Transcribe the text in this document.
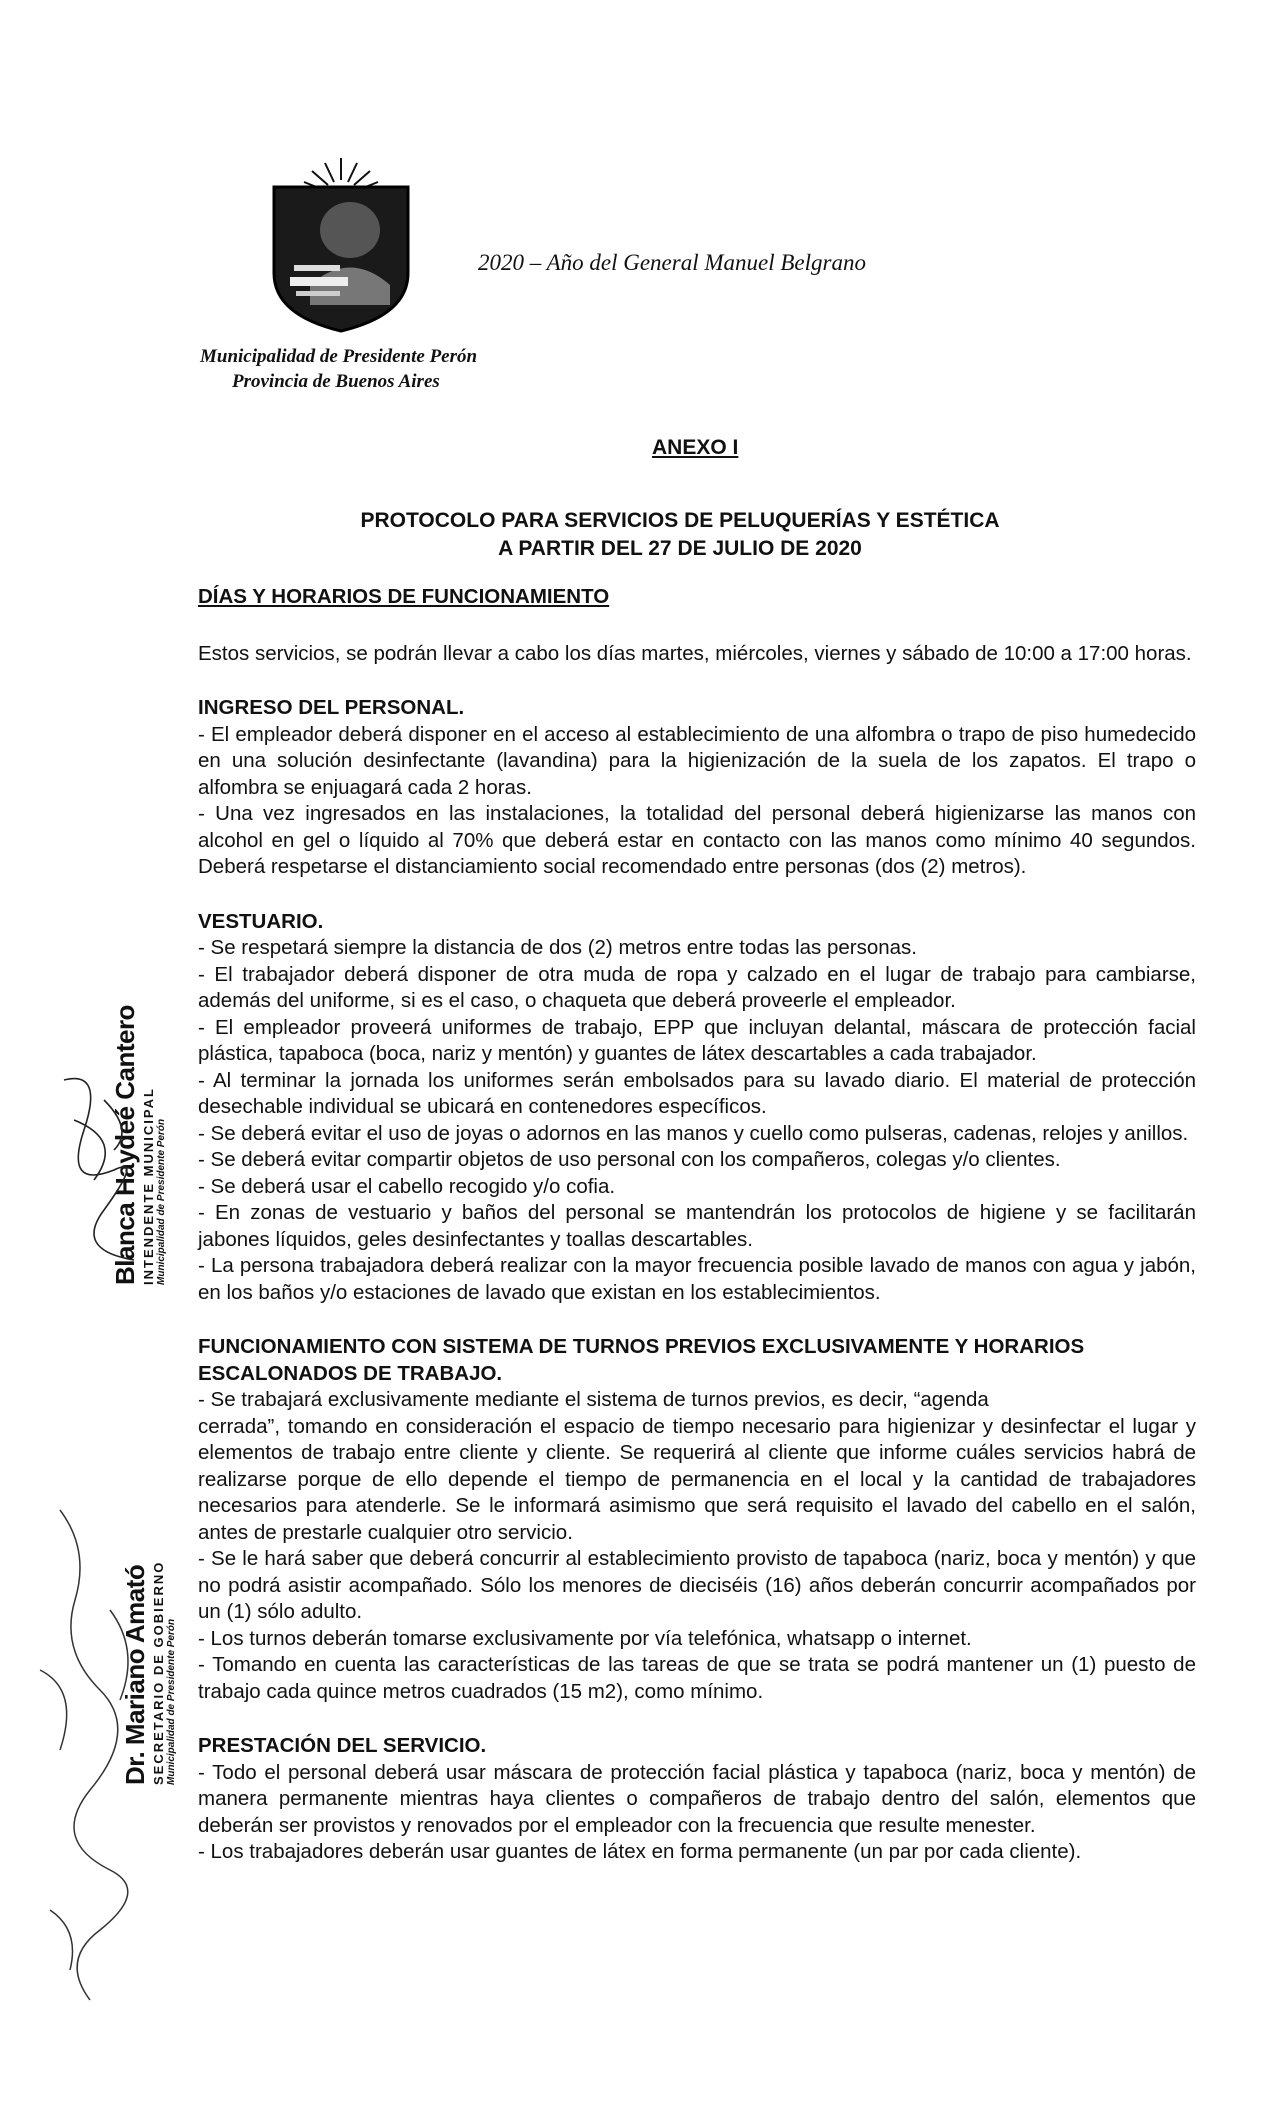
2020 – Año del General Manuel Belgrano
Municipalidad de Presidente Perón
Provincia de Buenos Aires
ANEXO I
PROTOCOLO PARA SERVICIOS DE PELUQUERÍAS Y ESTÉTICA
A PARTIR DEL 27 DE JULIO DE 2020
DÍAS Y HORARIOS DE FUNCIONAMIENTO

Estos servicios, se podrán llevar a cabo los días martes, miércoles, viernes y sábado de 10:00 a 17:00 horas.

INGRESO DEL PERSONAL.

- El empleador deberá disponer en el acceso al establecimiento de una alfombra o trapo de piso humedecido en una solución desinfectante (lavandina) para la higienización de la suela de los zapatos. El trapo o alfombra se enjuagará cada 2 horas.

- Una vez ingresados en las instalaciones, la totalidad del personal deberá higienizarse las manos con alcohol en gel o líquido al 70% que deberá estar en contacto con las manos como mínimo 40 segundos. Deberá respetarse el distanciamiento social recomendado entre personas (dos (2) metros).

VESTUARIO.

- Se respetará siempre la distancia de dos (2) metros entre todas las personas.

- El trabajador deberá disponer de otra muda de ropa y calzado en el lugar de trabajo para cambiarse, además del uniforme, si es el caso, o chaqueta que deberá proveerle el empleador.

- El empleador proveerá uniformes de trabajo, EPP que incluyan delantal, máscara de protección facial plástica, tapaboca (boca, nariz y mentón) y guantes de látex descartables a cada trabajador.

- Al terminar la jornada los uniformes serán embolsados para su lavado diario. El material de protección desechable individual se ubicará en contenedores específicos.

- Se deberá evitar el uso de joyas o adornos en las manos y cuello como pulseras, cadenas, relojes y anillos.

- Se deberá evitar compartir objetos de uso personal con los compañeros, colegas y/o clientes.

- Se deberá usar el cabello recogido y/o cofia.

- En zonas de vestuario y baños del personal se mantendrán los protocolos de higiene y se facilitarán jabones líquidos, geles desinfectantes y toallas descartables.

- La persona trabajadora deberá realizar con la mayor frecuencia posible lavado de manos con agua y jabón, en los baños y/o estaciones de lavado que existan en los establecimientos.

FUNCIONAMIENTO CON SISTEMA DE TURNOS PREVIOS EXCLUSIVAMENTE Y HORARIOS ESCALONADOS DE TRABAJO.

- Se trabajará exclusivamente mediante el sistema de turnos previos, es decir, “agenda

cerrada”, tomando en consideración el espacio de tiempo necesario para higienizar y desinfectar el lugar y elementos de trabajo entre cliente y cliente. Se requerirá al cliente que informe cuáles servicios habrá de realizarse porque de ello depende el tiempo de permanencia en el local y la cantidad de trabajadores necesarios para atenderle. Se le informará asimismo que será requisito el lavado del cabello en el salón, antes de prestarle cualquier otro servicio.

- Se le hará saber que deberá concurrir al establecimiento provisto de tapaboca (nariz, boca y mentón) y que no podrá asistir acompañado. Sólo los menores de dieciséis (16) años deberán concurrir acompañados por un (1) sólo adulto.

- Los turnos deberán tomarse exclusivamente por vía telefónica, whatsapp o internet.

- Tomando en cuenta las características de las tareas de que se trata se podrá mantener un (1) puesto de trabajo cada quince metros cuadrados (15 m2), como mínimo.

PRESTACIÓN DEL SERVICIO.

- Todo el personal deberá usar máscara de protección facial plástica y tapaboca (nariz, boca y mentón) de manera permanente mientras haya clientes o compañeros de trabajo dentro del salón, elementos que deberán ser provistos y renovados por el empleador con la frecuencia que resulte menester.

- Los trabajadores deberán usar guantes de látex en forma permanente (un par por cada cliente).

Blanca Haydeé Cantero INTENDENTE MUNICIPAL Municipalidad de Presidente Perón
Dr. Mariano Amató SECRETARIO DE GOBIERNO Municipalidad de Presidente Perón
